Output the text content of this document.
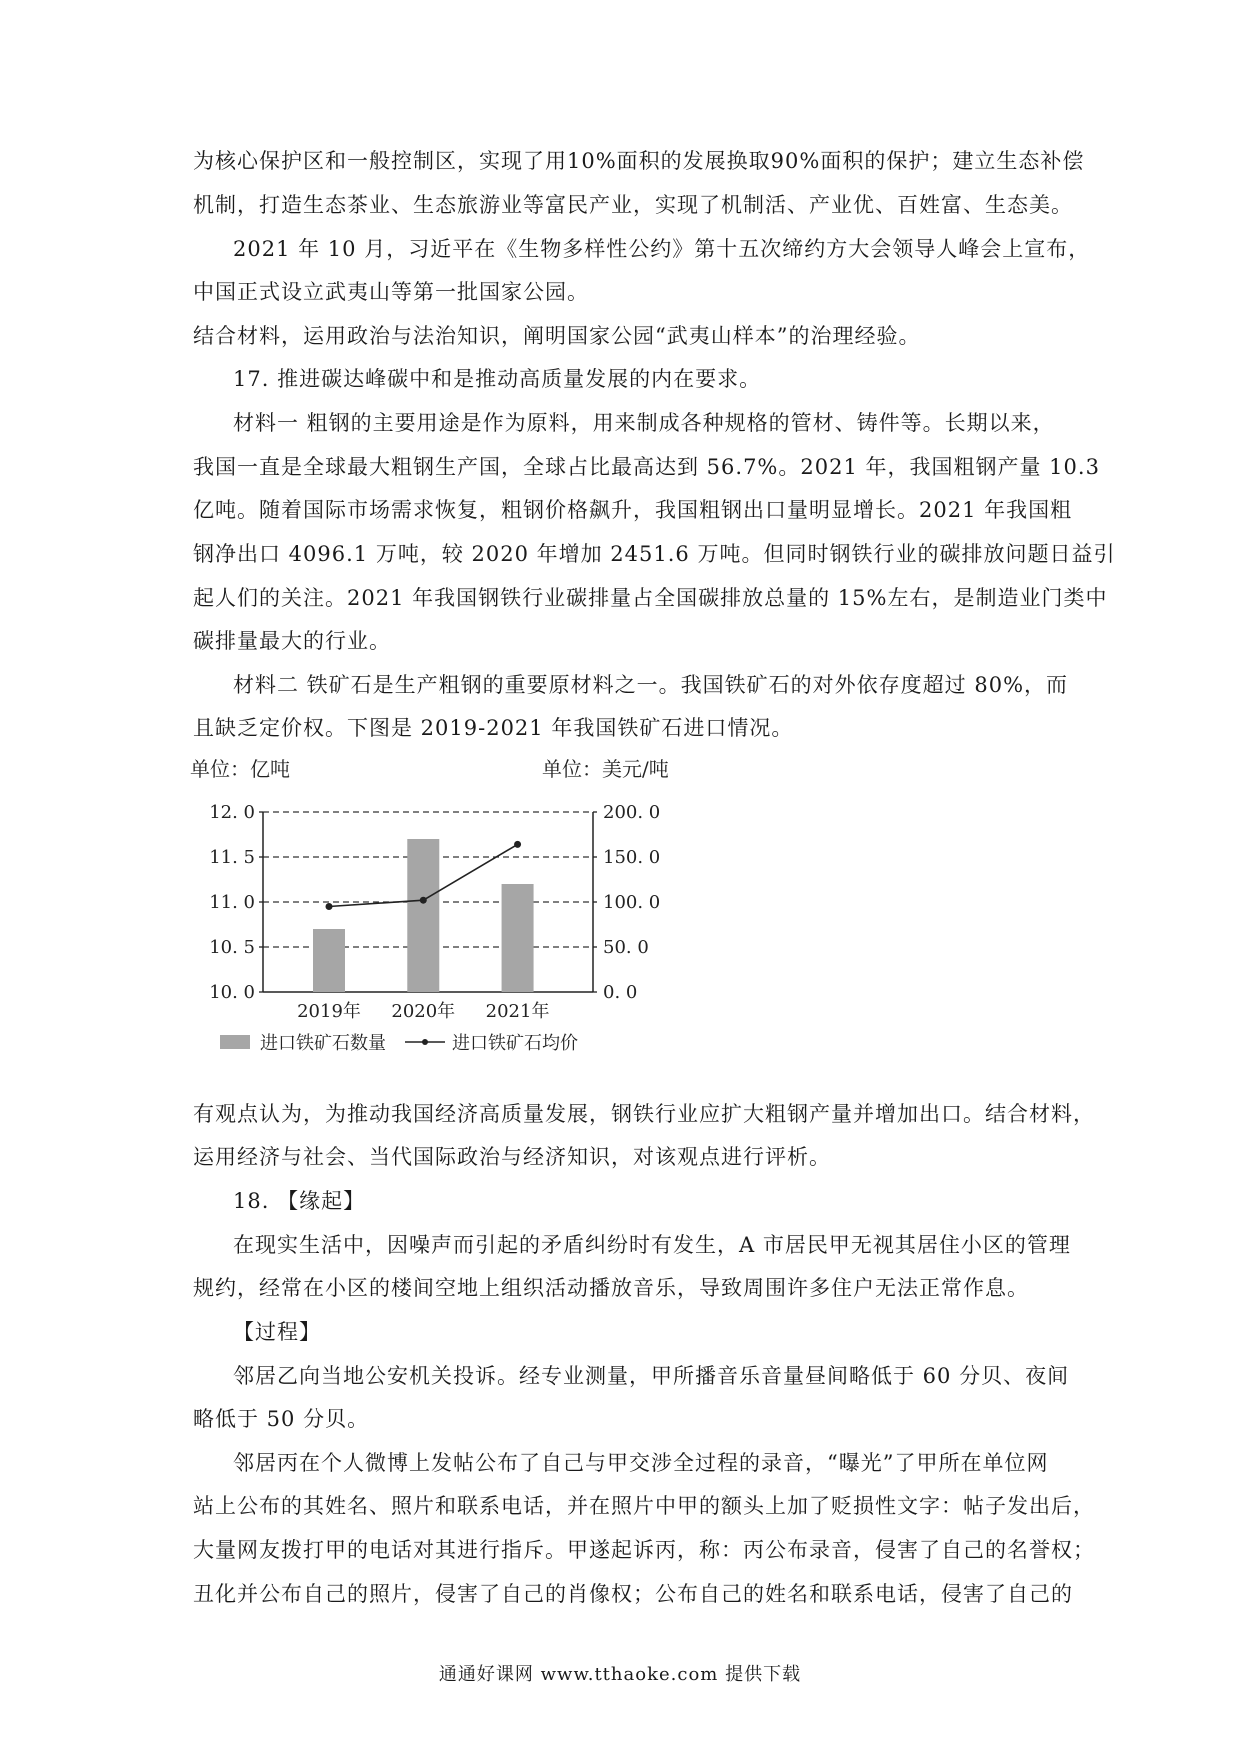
为核心保护区和一般控制区，实现了用10%面积的发展换取90%面积的保护；建立生态补偿
机制，打造生态茶业、生态旅游业等富民产业，实现了机制活、产业优、百姓富、生态美。
2021 年 10 月，习近平在《生物多样性公约》第十五次缔约方大会领导人峰会上宣布，
中国正式设立武夷山等第一批国家公园。
结合材料，运用政治与法治知识，阐明国家公园“武夷山样本”的治理经验。
17. 推进碳达峰碳中和是推动高质量发展的内在要求。
材料一 粗钢的主要用途是作为原料，用来制成各种规格的管材、铸件等。长期以来，
我国一直是全球最大粗钢生产国，全球占比最高达到 56.7%。2021 年，我国粗钢产量 10.3
亿吨。随着国际市场需求恢复，粗钢价格飙升，我国粗钢出口量明显增长。2021 年我国粗
钢净出口 4096.1 万吨，较 2020 年增加 2451.6 万吨。但同时钢铁行业的碳排放问题日益引
起人们的关注。2021 年我国钢铁行业碳排量占全国碳排放总量的 15%左右，是制造业门类中
碳排量最大的行业。
材料二 铁矿石是生产粗钢的重要原材料之一。我国铁矿石的对外依存度超过 80%，而
且缺乏定价权。下图是 2019-2021 年我国铁矿石进口情况。
单位：亿吨	单位：美元/吨
12. 0	200. 0
11. 5	150. 0
11. 0	100. 0
10. 5	50. 0
10. 0	0. 0
2019年 2020年 2021年
进口铁矿石数量	进口铁矿石均价
有观点认为，为推动我国经济高质量发展，钢铁行业应扩大粗钢产量并增加出口。结合材料，
运用经济与社会、当代国际政治与经济知识，对该观点进行评析。
18. 【缘起】
在现实生活中，因噪声而引起的矛盾纠纷时有发生，A 市居民甲无视其居住小区的管理
规约，经常在小区的楼间空地上组织活动播放音乐，导致周围许多住户无法正常作息。
【过程】
邻居乙向当地公安机关投诉。经专业测量，甲所播音乐音量昼间略低于 60 分贝、夜间
略低于 50 分贝。
邻居丙在个人微博上发帖公布了自己与甲交涉全过程的录音，“曝光”了甲所在单位网
站上公布的其姓名、照片和联系电话，并在照片中甲的额头上加了贬损性文字：帖子发出后，
大量网友拨打甲的电话对其进行指斥。甲遂起诉丙，称：丙公布录音，侵害了自己的名誉权；
丑化并公布自己的照片，侵害了自己的肖像权；公布自己的姓名和联系电话，侵害了自己的
通通好课网 www.tthaoke.com 提供下载
